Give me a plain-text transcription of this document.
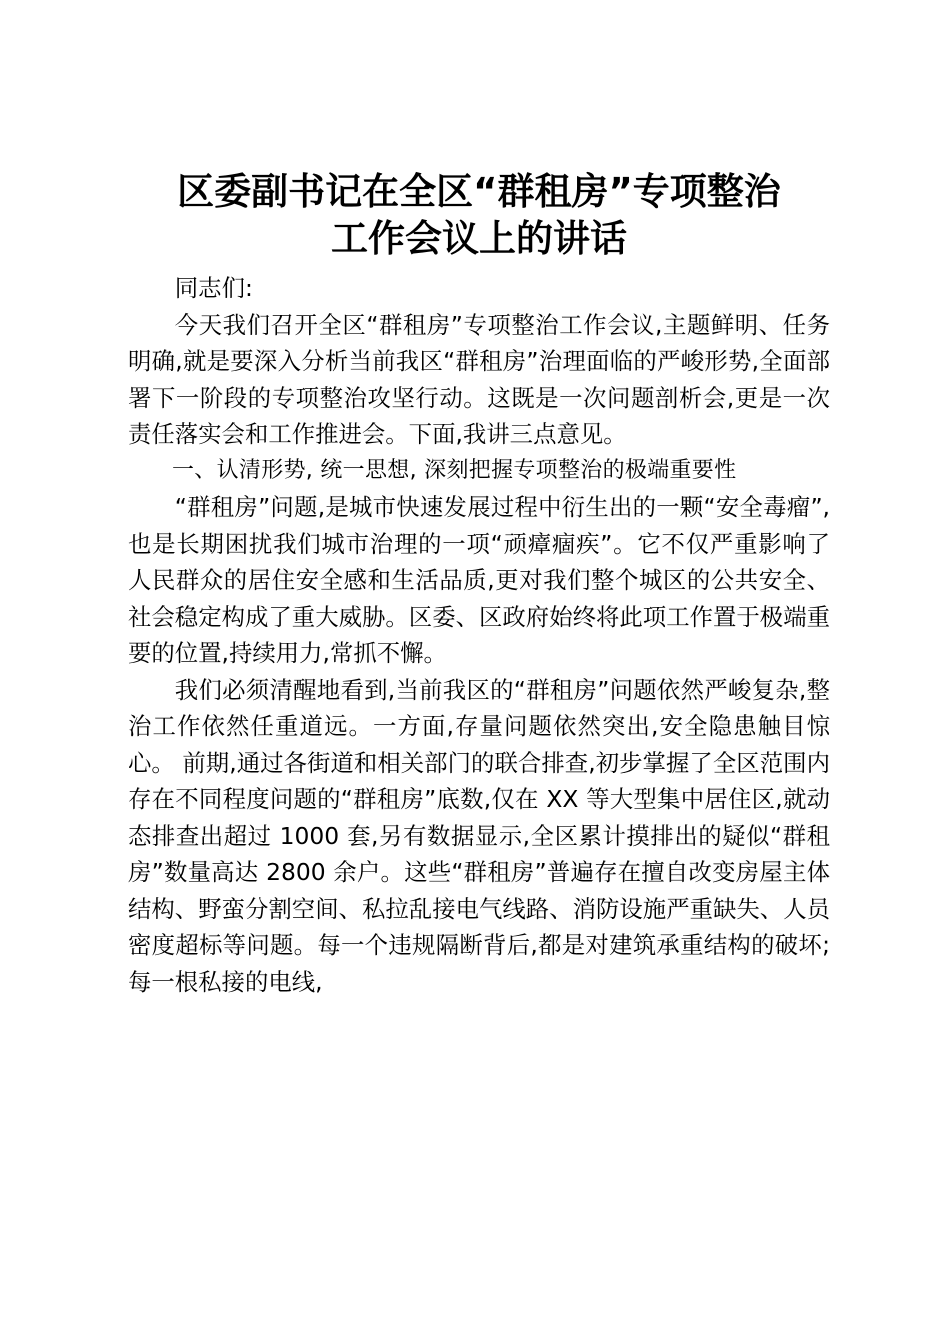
区委副书记在全区“群租房”专项整治
工作会议上的讲话

同志们:

今天我们召开全区“群租房”专项整治工作会议,主题鲜明、任务明确,就是要深入分析当前我区“群租房”治理面临的严峻形势,全面部署下一阶段的专项整治攻坚行动。这既是一次问题剖析会,更是一次责任落实会和工作推进会。下面,我讲三点意见。

一、认清形势, 统一思想, 深刻把握专项整治的极端重要性

“群租房”问题,是城市快速发展过程中衍生出的一颗“安全毒瘤”,也是长期困扰我们城市治理的一项“顽瘴痼疾”。它不仅严重影响了人民群众的居住安全感和生活品质,更对我们整个城区的公共安全、社会稳定构成了重大威胁。区委、区政府始终将此项工作置于极端重要的位置,持续用力,常抓不懈。

我们必须清醒地看到,当前我区的“群租房”问题依然严峻复杂,整治工作依然任重道远。一方面,存量问题依然突出,安全隐患触目惊心。 前期,通过各街道和相关部门的联合排查,初步掌握了全区范围内存在不同程度问题的“群租房”底数,仅在 XX 等大型集中居住区,就动态排查出超过 1000 套,另有数据显示,全区累计摸排出的疑似“群租房”数量高达 2800 余户。这些“群租房”普遍存在擅自改变房屋主体结构、野蛮分割空间、私拉乱接电气线路、消防设施严重缺失、人员密度超标等问题。每一个违规隔断背后,都是对建筑承重结构的破坏;每一根私接的电线,
